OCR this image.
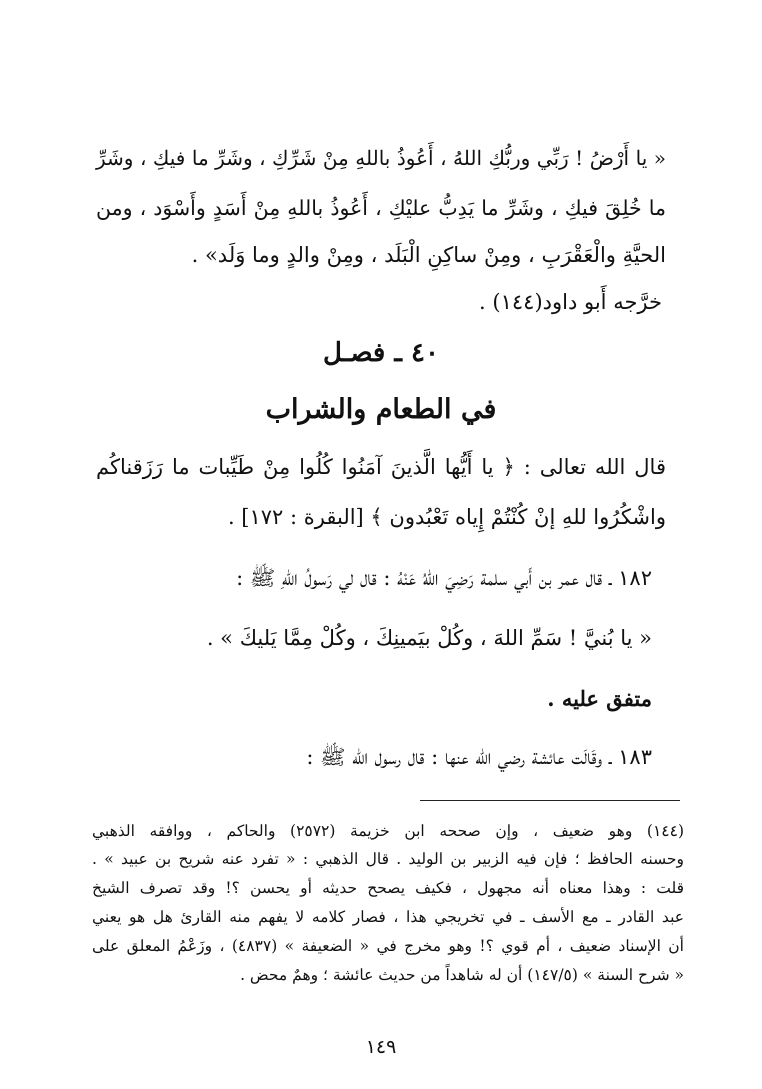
« يا أَرْضُ ! رَبِّي وربُّكِ اللهُ ، أَعُوذُ باللهِ مِنْ شَرِّكِ ، وشَرِّ ما فيكِ ، وشَرِّ
ما خُلِقَ فيكِ ، وشَرِّ ما يَدِبُّ عليْكِ ، أَعُوذُ باللهِ مِنْ أَسَدٍ وأَسْوَد ، ومن
الحيَّةِ والْعَقْرَبِ ، ومِنْ ساكِنِ الْبَلَد ، ومِنْ والدٍ وما وَلَد» .
خرَّجه أَبو داود(١٤٤) .
٤٠ ـ فصـل
في الطعام والشراب
قال الله تعالى : ﴿ يا أَيُّها الَّذينَ آمَنُوا كُلُوا مِنْ طَيِّبات ما رَزَقناكُم
واشْكُرُوا للهِ إنْ كُنْتُمْ إِياه تَعْبُدون ﴾ [البقرة : ١٧٢] .
١٨٢ ـ قال عمر بن أَبي سلمة رَضِيَ اللهُ عَنْهُ : قال لي رَسولُ اللهِ ﷺ :
« يا بُنيَّ ! سَمِّ اللهَ ، وكُلْ بيَمينِكَ ، وكُلْ مِمَّا يَليكَ » .
متفق عليه .
١٨٣ ـ وقَالَت عائشة رضي الله عنها : قال رسول الله ﷺ :
(١٤٤) وهو ضعيف ، وإن صححه ابن خزيمة (٢٥٧٢) والحاكم ، ووافقه الذهبي
وحسنه الحافظ ؛ فإن فيه الزبير بن الوليد . قال الذهبي : « تفرد عنه شريح بن عبيد » .
قلت : وهذا معناه أنه مجهول ، فكيف يصحح حديثه أو يحسن ؟! وقد تصرف الشيخ
عبد القادر ـ مع الأسف ـ في تخريجي هذا ، فصار كلامه لا يفهم منه القارئ هل هو يعني
أن الإسناد ضعيف ، أم قوي ؟! وهو مخرج في « الضعيفة » (٤٨٣٧) ، وزَعْمُ المعلق على
« شرح السنة » (١٤٧/٥) أن له شاهداً من حديث عائشة ؛ وهمٌ محض .
١٤٩
